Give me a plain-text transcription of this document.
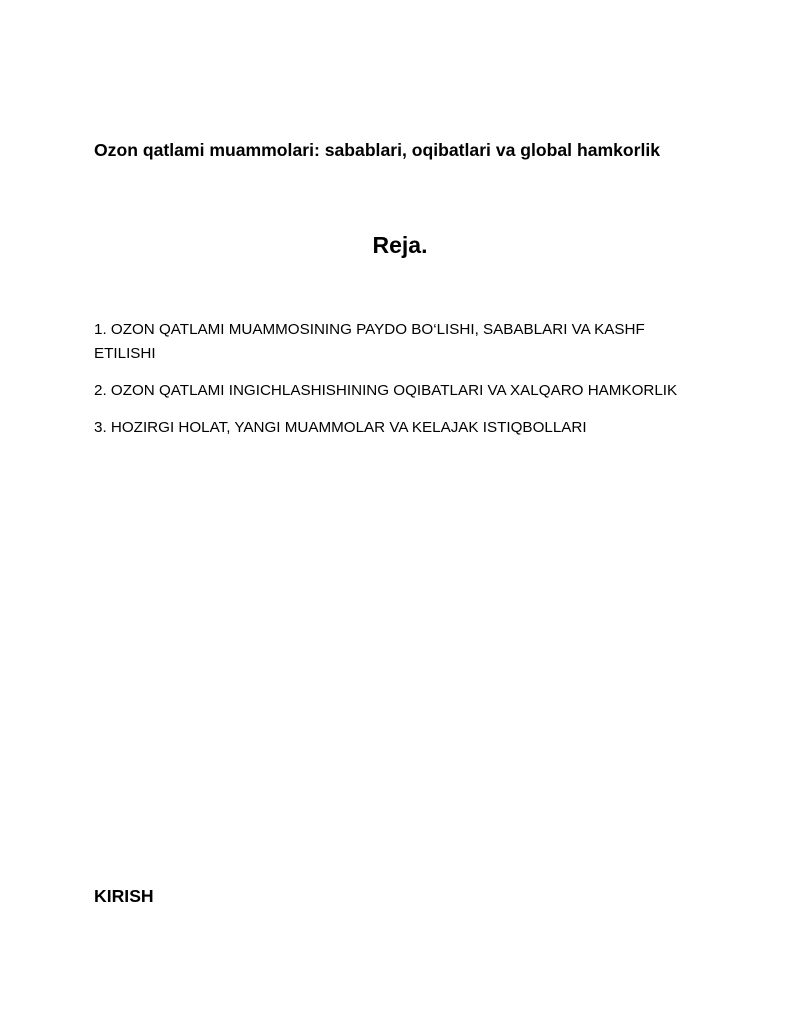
Ozon qatlami muammolari: sabablari, oqibatlari va global hamkorlik
Reja.
1. OZON QATLAMI MUAMMOSINING PAYDO BO‘LISHI, SABABLARI VA KASHF ETILISHI
2. OZON QATLAMI INGICHLASHISHINING OQIBATLARI VA XALQARO HAMKORLIK
3. HOZIRGI HOLAT, YANGI MUAMMOLAR VA KELAJAK ISTIQBOLLARI
KIRISH
